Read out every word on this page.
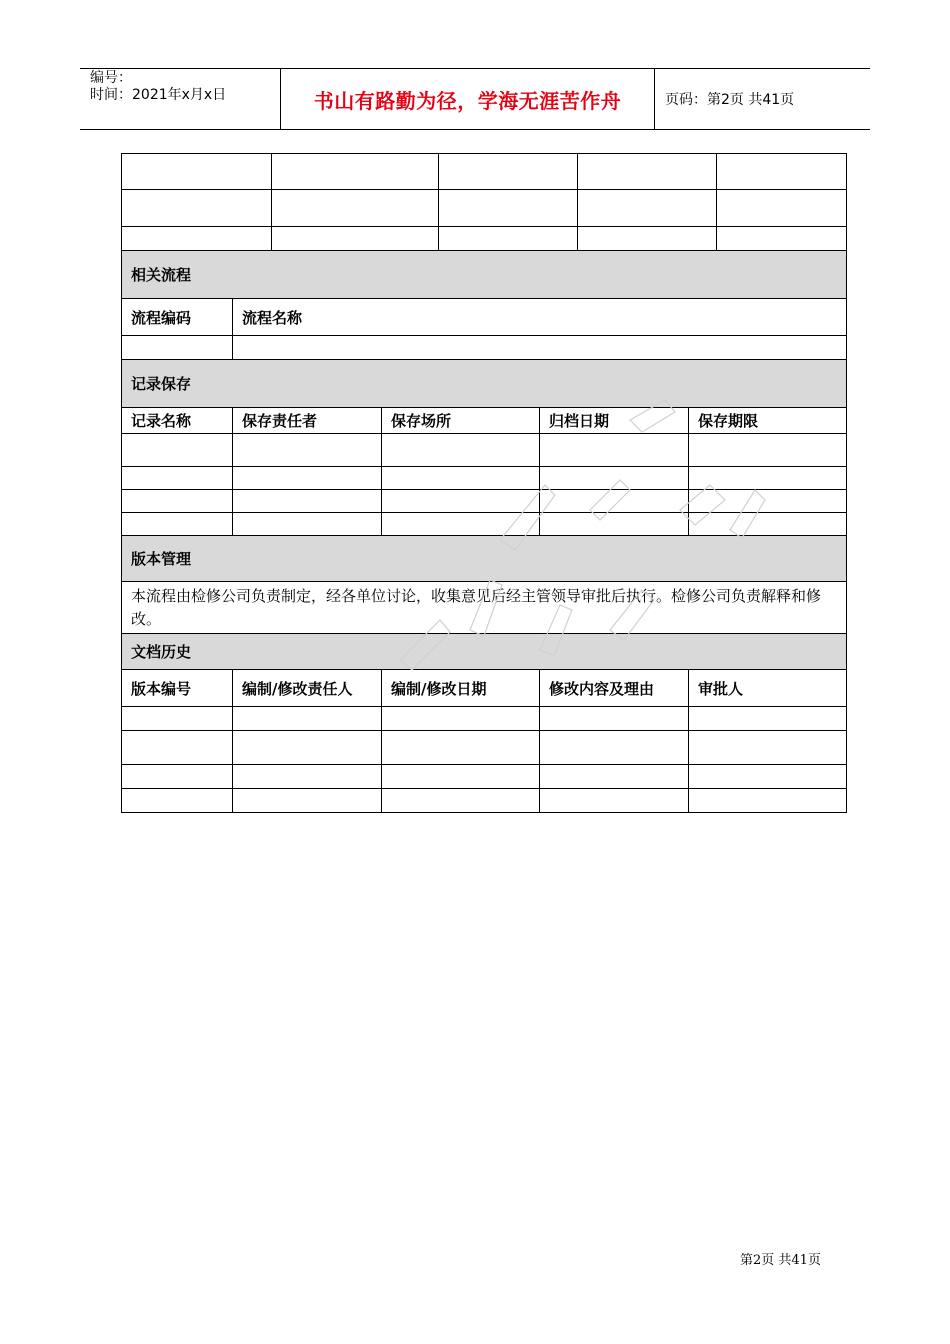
编号：
时间：2021年x月x日	书山有路勤为径，学海无涯苦作舟	页码：第2页 共41页

相关流程				
流程编码	流程名称			

记录保存				
记录名称	保存责任者	保存场所	归档日期	保存期限

版本管理				
本流程由检修公司负责制定，经各单位讨论，收集意见后经主管领导审批后执行。检修公司负责解释和修改。				
文档历史				
版本编号	编制/修改责任人	编制/修改日期	修改内容及理由	审批人

第2页 共41页
